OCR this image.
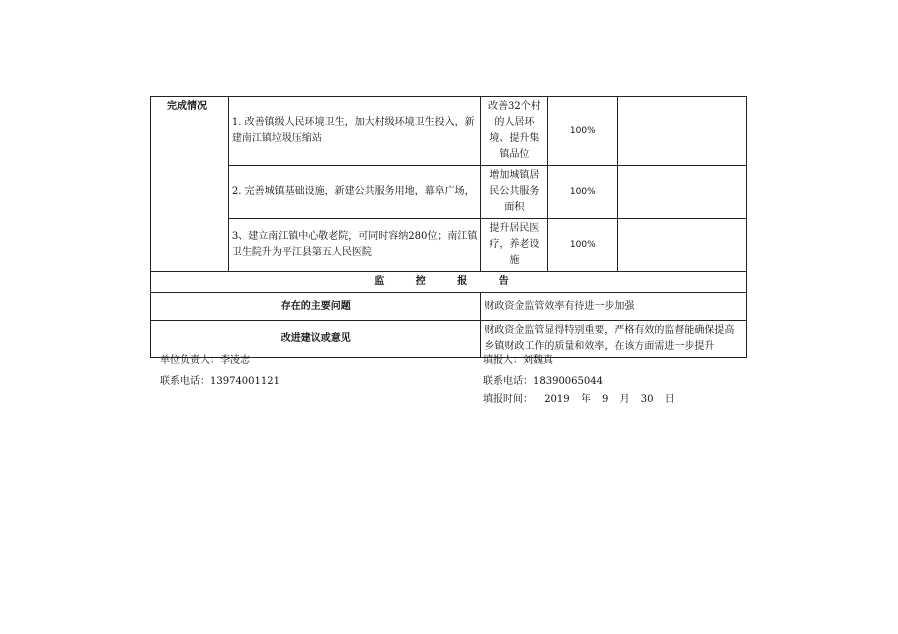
完成情况	1. 改善镇级人民环境卫生，加大村级环境卫生投入，新建南江镇垃圾压缩站	改善32个村的人居环境、提升集镇品位	100%	
	2. 完善城镇基础设施，新建公共服务用地，幕阜广场，	增加城镇居民公共服务面积	100%	
	3、建立南江镇中心敬老院，可同时容纳280位；南江镇卫生院升为平江县第五人民医院	提升居民医疗，养老设施	100%	
监 控 报 告				
存在的主要问题		财政资金监管效率有待进一步加强		
改进建议或意见		财政资金监管显得特别重要，严格有效的监督能确保提高乡镇财政工作的质量和效率，在该方面需进一步提升		
单位负责人：李凌志
联系电话：13974001121
填报人：刘魏真
联系电话：18390065044
填报时间： 2019 年 9 月 30 日
